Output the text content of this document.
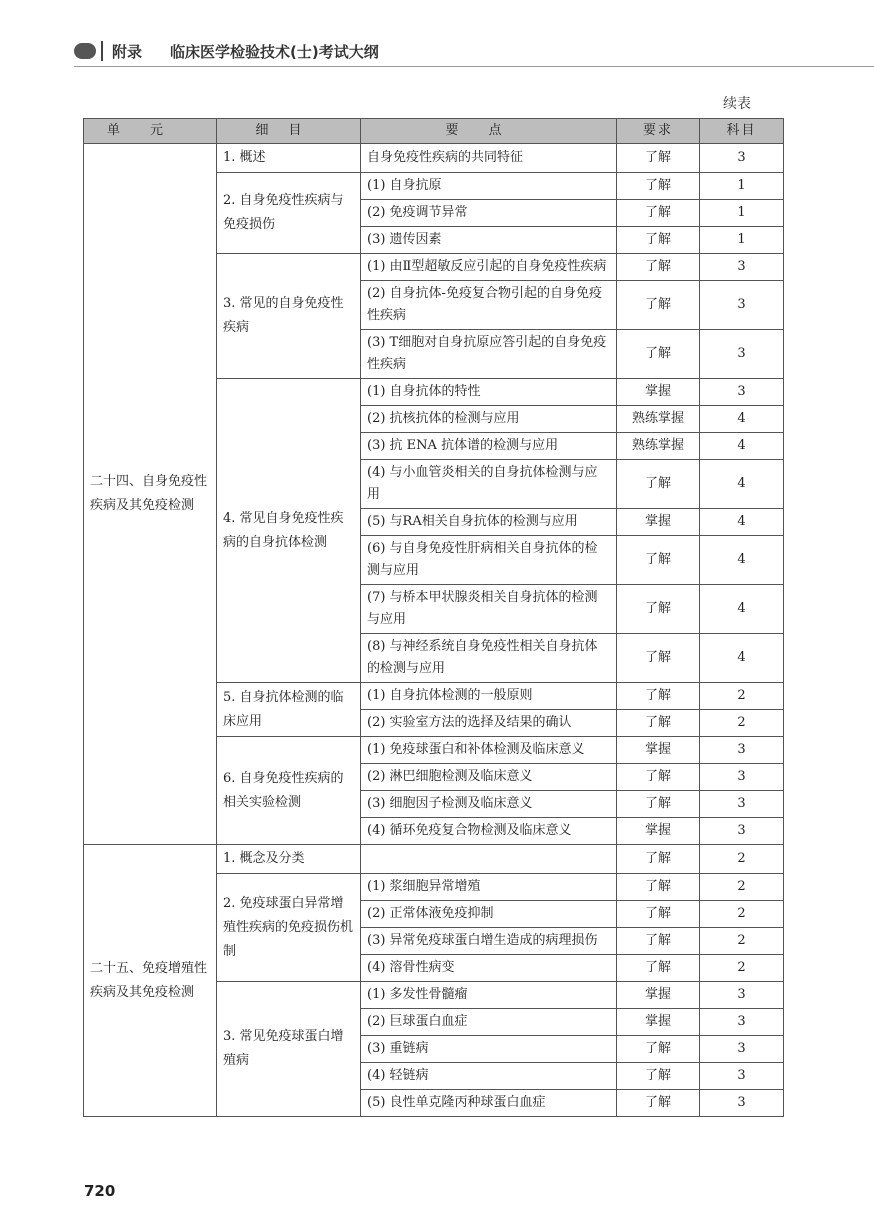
附录 临床医学检验技术(士)考试大纲
续表
单元	细目	要点	要求	科目
二十四、自身免疫性疾病及其免疫检测	1. 概述	自身免疫性疾病的共同特征	了解	3
	2. 自身免疫性疾病与免疫损伤	(1) 自身抗原	了解	1
		(2) 免疫调节异常	了解	1
		(3) 遗传因素	了解	1
	3. 常见的自身免疫性疾病	(1) 由Ⅱ型超敏反应引起的自身免疫性疾病	了解	3
		(2) 自身抗体-免疫复合物引起的自身免疫性疾病	了解	3
		(3) T细胞对自身抗原应答引起的自身免疫性疾病	了解	3
	4. 常见自身免疫性疾病的自身抗体检测	(1) 自身抗体的特性	掌握	3
		(2) 抗核抗体的检测与应用	熟练掌握	4
		(3) 抗 ENA 抗体谱的检测与应用	熟练掌握	4
		(4) 与小血管炎相关的自身抗体检测与应用	了解	4
		(5) 与RA相关自身抗体的检测与应用	掌握	4
		(6) 与自身免疫性肝病相关自身抗体的检测与应用	了解	4
		(7) 与桥本甲状腺炎相关自身抗体的检测与应用	了解	4
		(8) 与神经系统自身免疫性相关自身抗体的检测与应用	了解	4
	5. 自身抗体检测的临床应用	(1) 自身抗体检测的一般原则	了解	2
		(2) 实验室方法的选择及结果的确认	了解	2
	6. 自身免疫性疾病的相关实验检测	(1) 免疫球蛋白和补体检测及临床意义	掌握	3
		(2) 淋巴细胞检测及临床意义	了解	3
		(3) 细胞因子检测及临床意义	了解	3
		(4) 循环免疫复合物检测及临床意义	掌握	3
二十五、免疫增殖性疾病及其免疫检测	1. 概念及分类		了解	2
	2. 免疫球蛋白异常增殖性疾病的免疫损伤机制	(1) 浆细胞异常增殖	了解	2
		(2) 正常体液免疫抑制	了解	2
		(3) 异常免疫球蛋白增生造成的病理损伤	了解	2
		(4) 溶骨性病变	了解	2
	3. 常见免疫球蛋白增殖病	(1) 多发性骨髓瘤	掌握	3
		(2) 巨球蛋白血症	掌握	3
		(3) 重链病	了解	3
		(4) 轻链病	了解	3
		(5) 良性单克隆丙种球蛋白血症	了解	3
720
